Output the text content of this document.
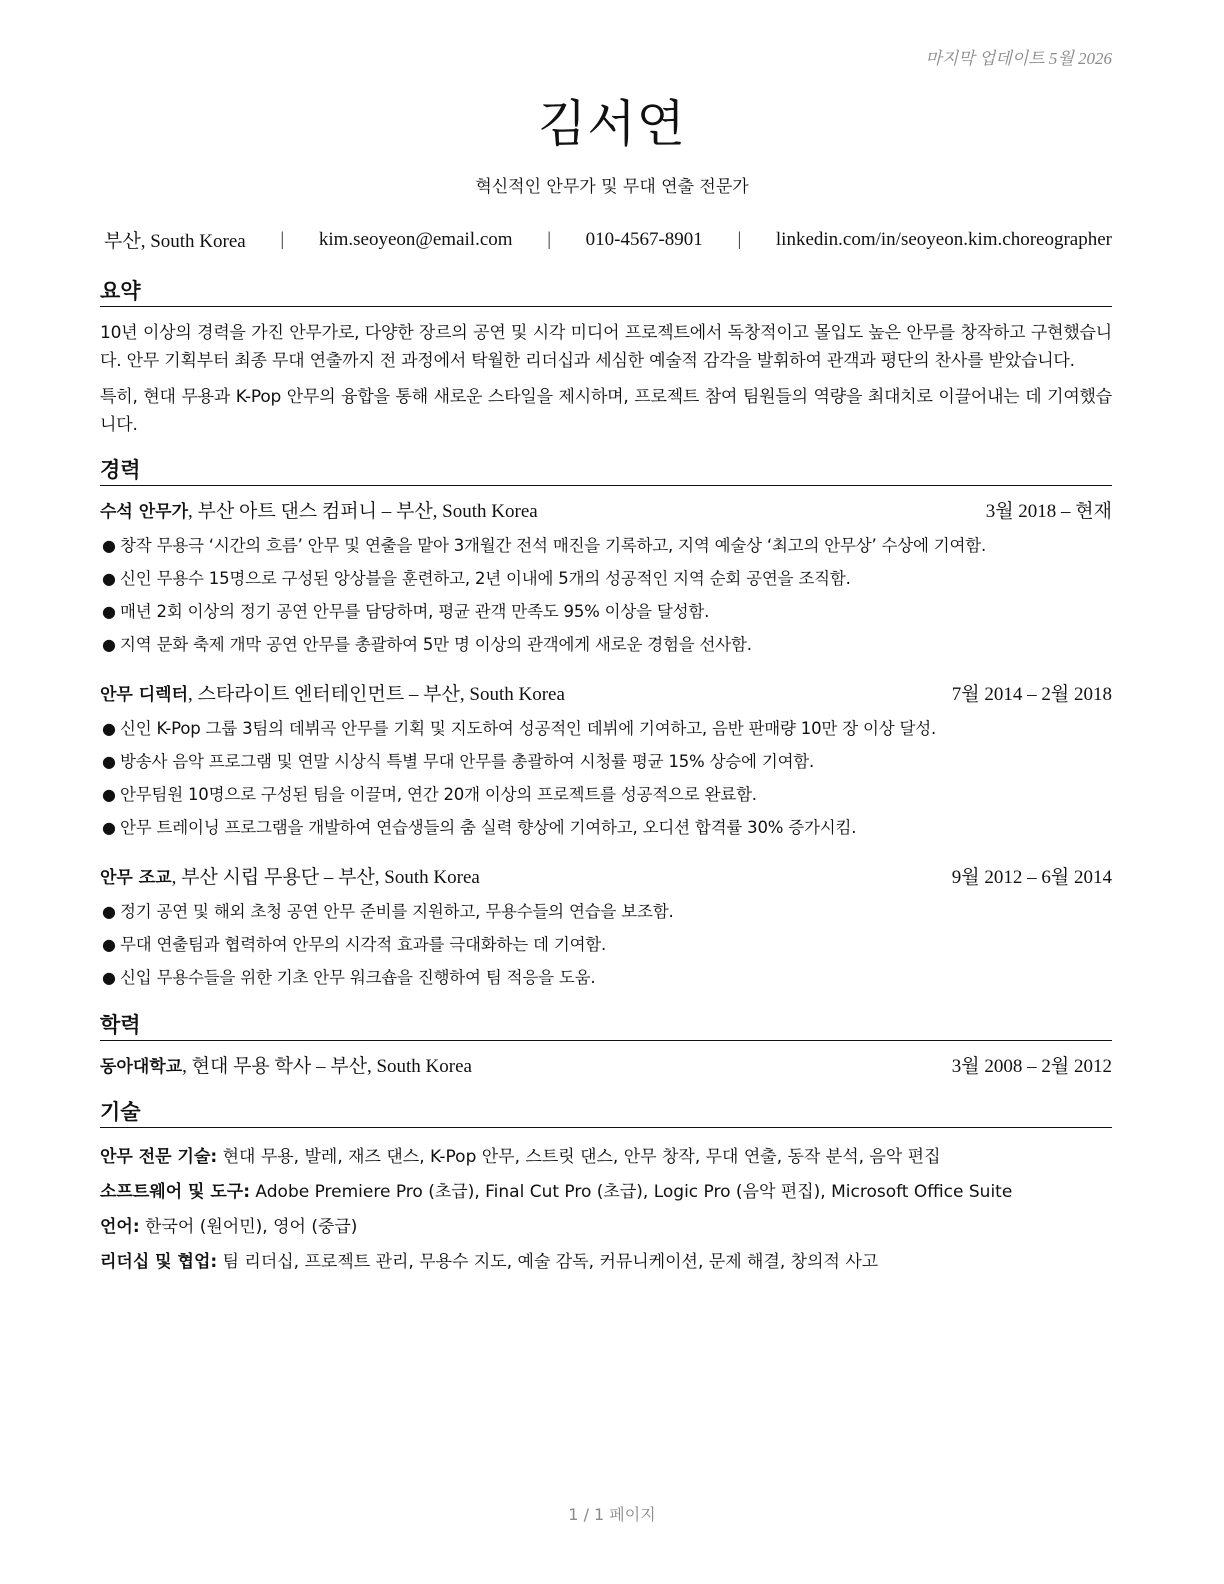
마지막 업데이트 5월 2026
김서연
혁신적인 안무가 및 무대 연출 전문가
부산, South Korea | kim.seoyeon@email.com | 010-4567-8901 | linkedin.com/in/seoyeon.kim.choreographer
요약

10년 이상의 경력을 가진 안무가로, 다양한 장르의 공연 및 시각 미디어 프로젝트에서 독창적이고 몰입도 높은 안무를 창작하고 구현했습니다. 안무 기획부터 최종 무대 연출까지 전 과정에서 탁월한 리더십과 세심한 예술적 감각을 발휘하여 관객과 평단의 찬사를 받았습니다.

특히, 현대 무용과 K-Pop 안무의 융합을 통해 새로운 스타일을 제시하며, 프로젝트 참여 팀원들의 역량을 최대치로 이끌어내는 데 기여했습니다.

경력
수석 안무가, 부산 아트 댄스 컴퍼니 – 부산, South Korea	3월 2018 – 현재
● 창작 무용극 ‘시간의 흐름’ 안무 및 연출을 맡아 3개월간 전석 매진을 기록하고, 지역 예술상 ‘최고의 안무상’ 수상에 기여함.
● 신인 무용수 15명으로 구성된 앙상블을 훈련하고, 2년 이내에 5개의 성공적인 지역 순회 공연을 조직함.
● 매년 2회 이상의 정기 공연 안무를 담당하며, 평균 관객 만족도 95% 이상을 달성함.
● 지역 문화 축제 개막 공연 안무를 총괄하여 5만 명 이상의 관객에게 새로운 경험을 선사함.
안무 디렉터, 스타라이트 엔터테인먼트 – 부산, South Korea	7월 2014 – 2월 2018
● 신인 K-Pop 그룹 3팀의 데뷔곡 안무를 기획 및 지도하여 성공적인 데뷔에 기여하고, 음반 판매량 10만 장 이상 달성.
● 방송사 음악 프로그램 및 연말 시상식 특별 무대 안무를 총괄하여 시청률 평균 15% 상승에 기여함.
● 안무팀원 10명으로 구성된 팀을 이끌며, 연간 20개 이상의 프로젝트를 성공적으로 완료함.
● 안무 트레이닝 프로그램을 개발하여 연습생들의 춤 실력 향상에 기여하고, 오디션 합격률 30% 증가시킴.
안무 조교, 부산 시립 무용단 – 부산, South Korea	9월 2012 – 6월 2014
● 정기 공연 및 해외 초청 공연 안무 준비를 지원하고, 무용수들의 연습을 보조함.
● 무대 연출팀과 협력하여 안무의 시각적 효과를 극대화하는 데 기여함.
● 신입 무용수들을 위한 기초 안무 워크숍을 진행하여 팀 적응을 도움.
학력
동아대학교, 현대 무용 학사 – 부산, South Korea	3월 2008 – 2월 2012
기술
안무 전문 기술: 현대 무용, 발레, 재즈 댄스, K-Pop 안무, 스트릿 댄스, 안무 창작, 무대 연출, 동작 분석, 음악 편집
소프트웨어 및 도구: Adobe Premiere Pro (초급), Final Cut Pro (초급), Logic Pro (음악 편집), Microsoft Office Suite
언어: 한국어 (원어민), 영어 (중급)
리더십 및 협업: 팀 리더십, 프로젝트 관리, 무용수 지도, 예술 감독, 커뮤니케이션, 문제 해결, 창의적 사고
1 / 1 페이지
